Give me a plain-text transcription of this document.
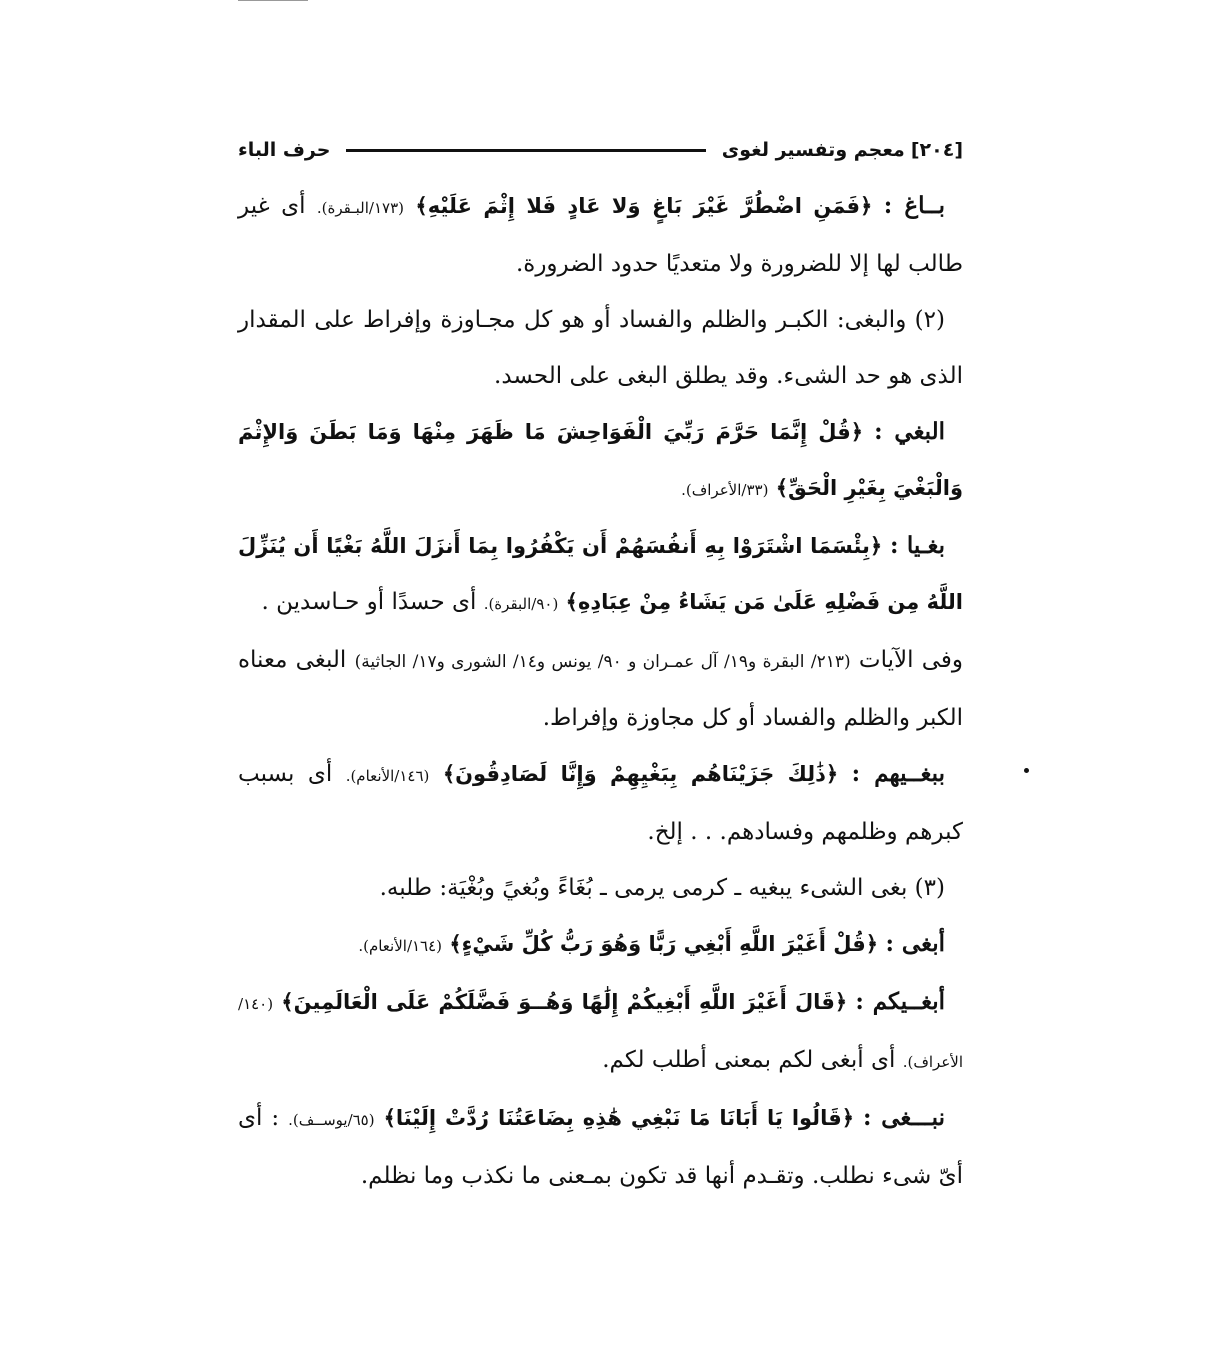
[٢٠٤]
معجم وتفسير لغوى
حرف الباء

بــاغ : ﴿فَمَنِ اضْطُرَّ غَيْرَ بَاغٍ وَلا عَادٍ فَلا إِثْمَ عَلَيْهِ﴾ (١٧٣/البـقرة). أى غير طالب لها إلا للضرورة ولا متعديًا حدود الضرورة.

(٢) والبغى: الكبـر والظلم والفساد أو هو كل مجـاوزة وإفراط على المقدار الذى هو حد الشىء. وقد يطلق البغى على الحسد.

البغي : ﴿قُلْ إِنَّمَا حَرَّمَ رَبِّيَ الْفَوَاحِشَ مَا ظَهَرَ مِنْهَا وَمَا بَطَنَ وَالإِثْمَ وَالْبَغْيَ بِغَيْرِ الْحَقِّ﴾ (٣٣/الأعراف).

بغـيا : ﴿بِئْسَمَا اشْتَرَوْا بِهِ أَنفُسَهُمْ أَن يَكْفُرُوا بِمَا أَنزَلَ اللَّهُ بَغْيًا أَن يُنَزِّلَ اللَّهُ مِن فَضْلِهِ عَلَىٰ مَن يَشَاءُ مِنْ عِبَادِهِ﴾ (٩٠/البقرة). أى حسدًا أو حـاسدين .

وفى الآيات (٢١٣/ البقرة و١٩/ آل عمـران و ٩٠/ يونس و١٤/ الشورى و١٧/ الجاثية) البغى معناه الكبر والظلم والفساد أو كل مجاوزة وإفراط.

ببغــيهم : ﴿ذَٰلِكَ جَزَيْنَاهُم بِبَغْيِهِمْ وَإِنَّا لَصَادِقُونَ﴾ (١٤٦/الأنعام). أى بسبب كبرهم وظلمهم وفسادهم. . . إلخ.

(٣) بغى الشىء يبغيه ـ كرمى يرمى ـ بُغَاءً وبُغيً وبُغْيَة: طلبه.

أبغى : ﴿قُلْ أَغَيْرَ اللَّهِ أَبْغِي رَبًّا وَهُوَ رَبُّ كُلِّ شَيْءٍ﴾ (١٦٤/الأنعام).

أبغــيكم : ﴿قَالَ أَغَيْرَ اللَّهِ أَبْغِيكُمْ إِلَٰهًا وَهُــوَ فَضَّلَكُمْ عَلَى الْعَالَمِينَ﴾ (١٤٠/الأعراف). أى أبغى لكم بمعنى أطلب لكم.

نبـــغى : ﴿قَالُوا يَا أَبَانَا مَا نَبْغِي هَٰذِهِ بِضَاعَتُنَا رُدَّتْ إِلَيْنَا﴾ (٦٥/يوســف). : أى أىّ شىء نطلب. وتقـدم أنها قد تكون بمـعنى ما نكذب وما نظلم.
